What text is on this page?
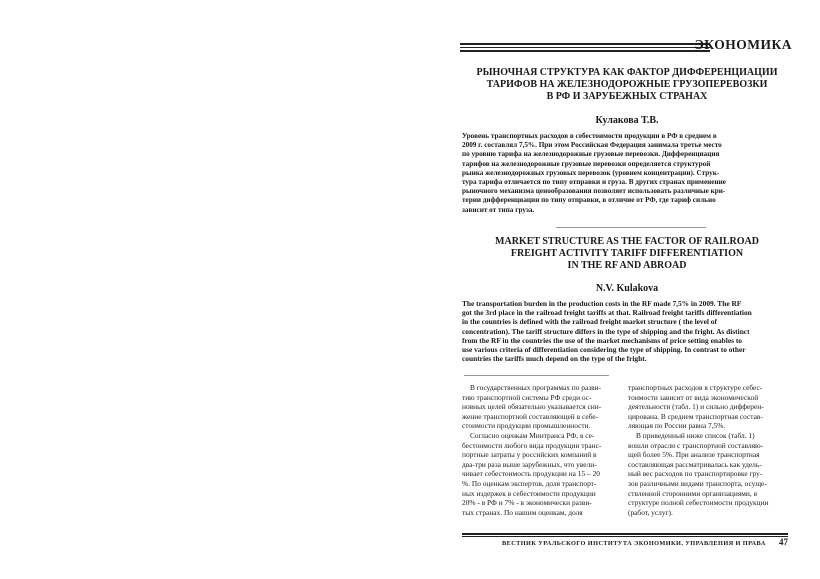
ЭКОНОМИКА
РЫНОЧНАЯ СТРУКТУРА КАК ФАКТОР ДИФФЕРЕНЦИАЦИИ
ТАРИФОВ НА ЖЕЛЕЗНОДОРОЖНЫЕ ГРУЗОПЕРЕВОЗКИ
В РФ И ЗАРУБЕЖНЫХ СТРАНАХ
Кулакова Т.В.
Уровень транспортных расходов в себестоимости продукции в РФ в среднем в
2009 г. составлял 7,5%. При этом Российская Федерация занимала третье место
по уровню тарифа на железнодорожные грузовые перевозки. Дифференциация
тарифов на железнодорожные грузовые перевозки определяется структурой
рынка железнодорожных грузовых перевозок (уровнем концентрации). Струк-
тура тарифа отличается по типу отправки и груза. В других странах применение
рыночного механизма ценообразования позволяет использовать различные кри-
терии дифференциации по типу отправки, в отличие от РФ, где тариф сильно
зависит от типа груза.
MARKET STRUCTURE AS THE FACTOR OF RAILROAD
FREIGHT ACTIVITY TARIFF DIFFERENTIATION
IN THE RF AND ABROAD
N.V. Kulakova
The transportation burden in the production costs in the RF made 7,5% in 2009. The RF
got the 3rd place in the railroad freight tariffs at that. Railroad freight tariffs differentiation
in the countries is defined with the railroad freight market structure ( the level of
concentration). The tariff structure differs in the type of shipping and the fright. As distinct
from the RF in the countries the use of the market mechanisms of price setting enables to
use various criteria of differentiation considering the type of shipping. In contrast to other
countries the tariffs much depend on the type of the fright.
В государственных программах по разви-
тию транспортной системы РФ среди ос-
новных целей обязательно указывается сни-
жение транспортной составляющей в себе-
стоимости продукции промышленности.
Согласно оценкам Минтранса РФ, в се-
бестоимости любого вида продукции транс-
портные затраты у российских компаний в
два-три раза выше зарубежных, что увели-
чивает себестоимость продукции на 15 – 20
%. По оценкам экспертов, доля транспорт-
ных издержек в себестоимости продукции
20% - в РФ и 7% - в экономически разви-
тых странах. По нашим оценкам, доля
транспортных расходов в структуре себес-
тоимости зависит от вида экономической
деятельности (табл. 1) и сильно дифферен-
цирована. В среднем транспортная состав-
ляющая по России равна 7,5%.
В приведенный ниже список (табл. 1)
вошли отрасли с транспортной составляю-
щей более 5%. При анализе транспортная
составляющая рассматривалась как удель-
ный вес расходов по транспортировке гру-
зов различными видами транспорта, осуще-
ствленной сторонними организациями, в
структуре полной себестоимости продукции
(работ, услуг).
ВЕСТНИК УРАЛЬСКОГО ИНСТИТУТА ЭКОНОМИКИ, УПРАВЛЕНИЯ И ПРАВА 47
